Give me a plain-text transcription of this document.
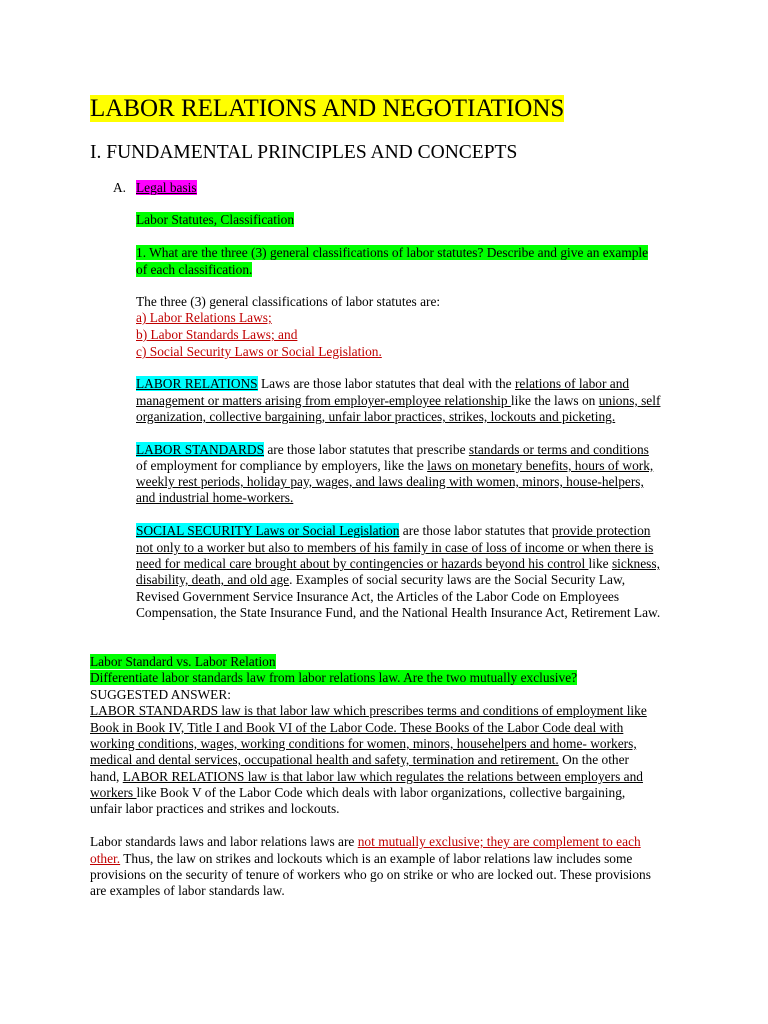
LABOR RELATIONS AND NEGOTIATIONS
I. FUNDAMENTAL PRINCIPLES AND CONCEPTS
A. Legal basis
Labor Statutes, Classification
1. What are the three (3) general classifications of labor statutes? Describe and give an example
of each classification.
The three (3) general classifications of labor statutes are:
a) Labor Relations Laws;
b) Labor Standards Laws; and
c) Social Security Laws or Social Legislation.
LABOR RELATIONS Laws are those labor statutes that deal with the relations of labor and
management or matters arising from employer-employee relationship like the laws on unions, self
organization, collective bargaining, unfair labor practices, strikes, lockouts and picketing.
LABOR STANDARDS are those labor statutes that prescribe standards or terms and conditions
of employment for compliance by employers, like the laws on monetary benefits, hours of work,
weekly rest periods, holiday pay, wages, and laws dealing with women, minors, house-helpers,
and industrial home-workers.
SOCIAL SECURITY Laws or Social Legislation are those labor statutes that provide protection
not only to a worker but also to members of his family in case of loss of income or when there is
need for medical care brought about by contingencies or hazards beyond his control like sickness,
disability, death, and old age. Examples of social security laws are the Social Security Law,
Revised Government Service Insurance Act, the Articles of the Labor Code on Employees
Compensation, the State Insurance Fund, and the National Health Insurance Act, Retirement Law.
Labor Standard vs. Labor Relation
Differentiate labor standards law from labor relations law. Are the two mutually exclusive?
SUGGESTED ANSWER:
LABOR STANDARDS law is that labor law which prescribes terms and conditions of employment like
Book in Book IV, Title I and Book VI of the Labor Code. These Books of the Labor Code deal with
working conditions, wages, working conditions for women, minors, househelpers and home- workers,
medical and dental services, occupational health and safety, termination and retirement. On the other
hand, LABOR RELATIONS law is that labor law which regulates the relations between employers and
workers like Book V of the Labor Code which deals with labor organizations, collective bargaining,
unfair labor practices and strikes and lockouts.
Labor standards laws and labor relations laws are not mutually exclusive; they are complement to each
other. Thus, the law on strikes and lockouts which is an example of labor relations law includes some
provisions on the security of tenure of workers who go on strike or who are locked out. These provisions
are examples of labor standards law.
